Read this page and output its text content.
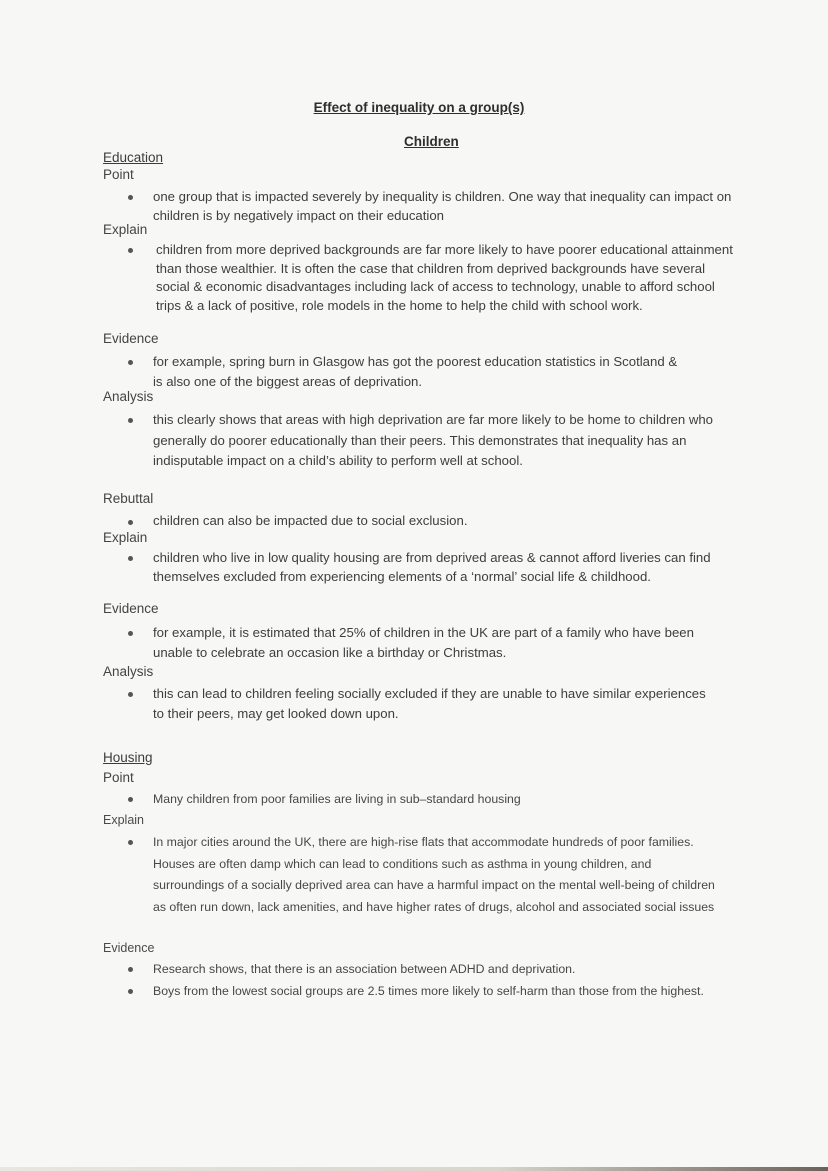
Effect of inequality on a group(s)
Children
Education
Point
one group that is impacted severely by inequality is children. One way that inequality can impact on children is by negatively impact on their education
Explain
children from more deprived backgrounds are far more likely to have poorer educational attainment than those wealthier. It is often the case that children from deprived backgrounds have several social & economic disadvantages including lack of access to technology, unable to afford school trips & a lack of positive, role models in the home to help the child with school work.
Evidence
for example, spring burn in Glasgow has got the poorest education statistics in Scotland & is also one of the biggest areas of deprivation.
Analysis
this clearly shows that areas with high deprivation are far more likely to be home to children who generally do poorer educationally than their peers. This demonstrates that inequality has an indisputable impact on a child’s ability to perform well at school.
Rebuttal
children can also be impacted due to social exclusion.
Explain
children who live in low quality housing are from deprived areas & cannot afford liveries can find themselves excluded from experiencing elements of a ‘normal’ social life & childhood.
Evidence
for example, it is estimated that 25% of children in the UK are part of a family who have been unable to celebrate an occasion like a birthday or Christmas.
Analysis
this can lead to children feeling socially excluded if they are unable to have similar experiences to their peers, may get looked down upon.
Housing
Point
Many children from poor families are living in sub–standard housing
Explain
In major cities around the UK, there are high-rise flats that accommodate hundreds of poor families. Houses are often damp which can lead to conditions such as asthma in young children, and surroundings of a socially deprived area can have a harmful impact on the mental well-being of children as often run down, lack amenities, and have higher rates of drugs, alcohol and associated social issues
Evidence
Research shows, that there is an association between ADHD and deprivation.
Boys from the lowest social groups are 2.5 times more likely to self-harm than those from the highest.
